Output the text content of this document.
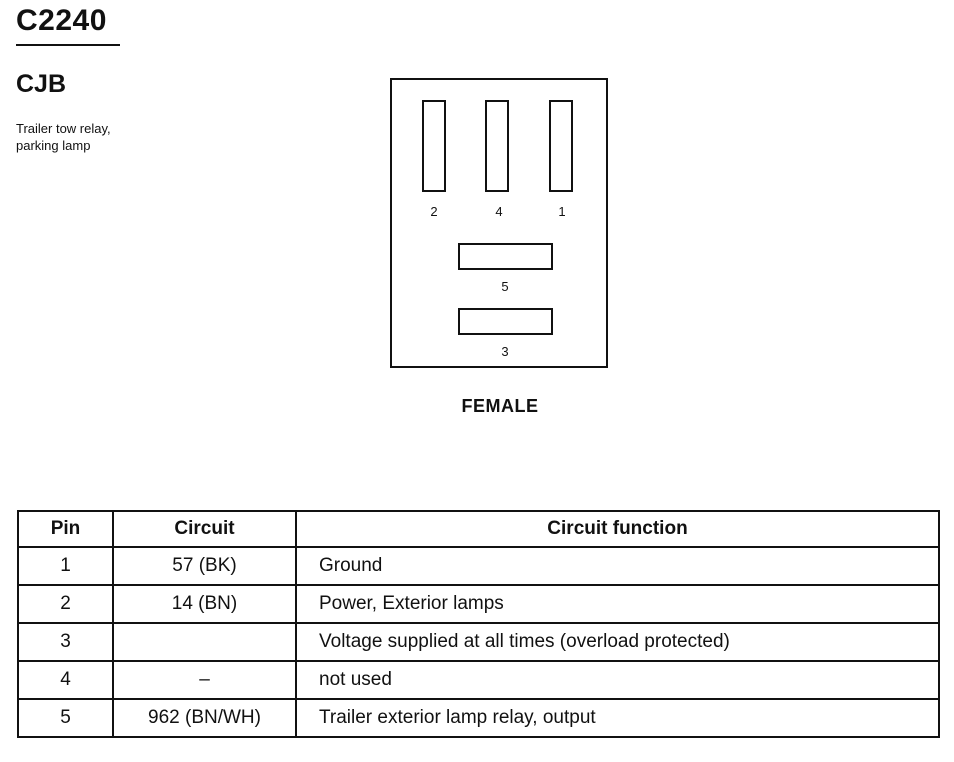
C2240
CJB
Trailer tow relay,
parking lamp
2	4	1
5
3
FEMALE
Pin	Circuit	Circuit function
1	57 (BK)	Ground
2	14 (BN)	Power, Exterior lamps
3		Voltage supplied at all times (overload protected)
4	–	not used
5	962 (BN/WH)	Trailer exterior lamp relay, output
